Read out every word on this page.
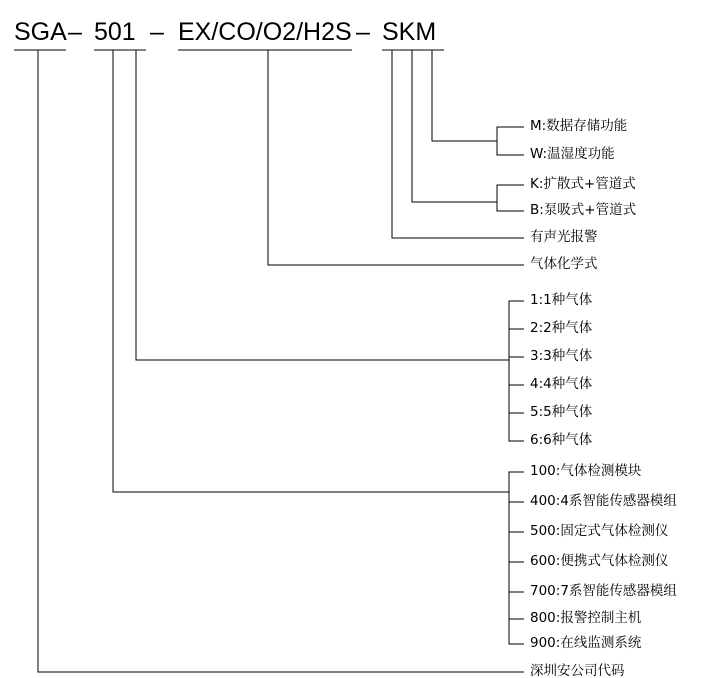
SGA – 501 – EX/CO/O2/H2S – SKM
M:数据存储功能
W:温湿度功能
K:扩散式+管道式
B:泵吸式+管道式
有声光报警
气体化学式
1:1种气体
2:2种气体
3:3种气体
4:4种气体
5:5种气体
6:6种气体
100:气体检测模块
400:4系智能传感器模组
500:固定式气体检测仪
600:便携式气体检测仪
700:7系智能传感器模组
800:报警控制主机
900:在线监测系统
深圳安公司代码
